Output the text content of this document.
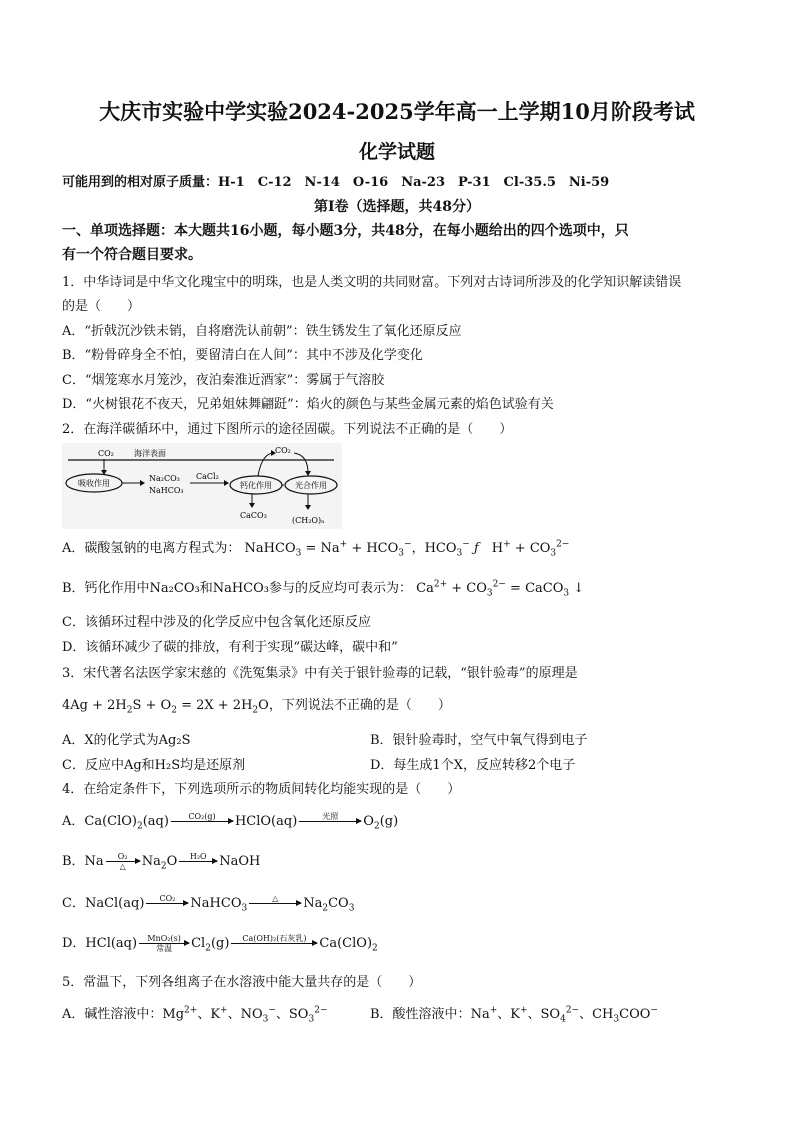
大庆市实验中学实验2024-2025学年高一上学期10月阶段考试
化学试题
可能用到的相对原子质量：H-1　C-12　N-14　O-16　Na-23　P-31　Cl-35.5　Ni-59
第Ⅰ卷（选择题，共48分）
一、单项选择题：本大题共16小题，每小题3分，共48分，在每小题给出的四个选项中，只
有一个符合题目要求。
1．中华诗词是中华文化瑰宝中的明珠，也是人类文明的共同财富。下列对古诗词所涉及的化学知识解读错误
的是（　　）
A．“折戟沉沙铁未销，自将磨洗认前朝”：铁生锈发生了氧化还原反应
B．“粉骨碎身全不怕，要留清白在人间”：其中不涉及化学变化
C．“烟笼寒水月笼沙，夜泊秦淮近酒家”：雾属于气溶胶
D．“火树银花不夜天，兄弟姐妹舞翩跹”：焰火的颜色与某些金属元素的焰色试验有关
2．在海洋碳循环中，通过下图所示的途径固碳。下列说法不正确的是（　　）
CO₂	海洋表面	CO₂
吸收作用
Na₂CO₃
NaHCO₃
CaCl₂
钙化作用	光合作用
CaCO₃
(CH₂O)ₙ
A．碳酸氢钠的电离方程式为： NaHCO$_3$ = $Na^+ + HCO_3^-$，$HCO_3^-$ ƒ　$H^+ + CO_3^{2-}$
B．钙化作用中Na₂CO₃和NaHCO₃参与的反应均可表示为： $Ca^{2+} + CO_3^{2-}$ = CaCO$_3$ ↓
C．该循环过程中涉及的化学反应中包含氧化还原反应
D．该循环减少了碳的排放，有利于实现“碳达峰，碳中和”
3．宋代著名法医学家宋慈的《洗冤集录》中有关于银针验毒的记载，“银针验毒”的原理是
$4Ag + 2H_2S + O_2 = 2X + 2H_2O$，下列说法不正确的是（　　）
A．X的化学式为Ag₂S	B．银针验毒时，空气中氧气得到电子
C．反应中Ag和H₂S均是还原剂	D．每生成1个X，反应转移2个电子
4．在给定条件下，下列选项所示的物质间转化均能实现的是（　　）
A．$Ca(ClO)_2(aq)$	CO₂(g)	HClO(aq)	光照	$O_2(g)$
B．Na	O₂
△	$Na_2O$	H₂O NaOH
C．NaCl(aq)	CO₂	NaHCO$_3$
△	$Na_2CO_3$
D．HCl(aq)	MnO₂(s)
常温	$Cl_2(g)$	Ca(OH)₂(石灰乳) $Ca(ClO)_2$
5．常温下，下列各组离子在水溶液中能大量共存的是（　　）
A．碱性溶液中：$Mg^{2+}$、K+、$NO_3^-$、$SO_3^{2-}$	B．酸性溶液中：Na+、K+、$SO_4^{2-}$、$CH_3COO^-$
